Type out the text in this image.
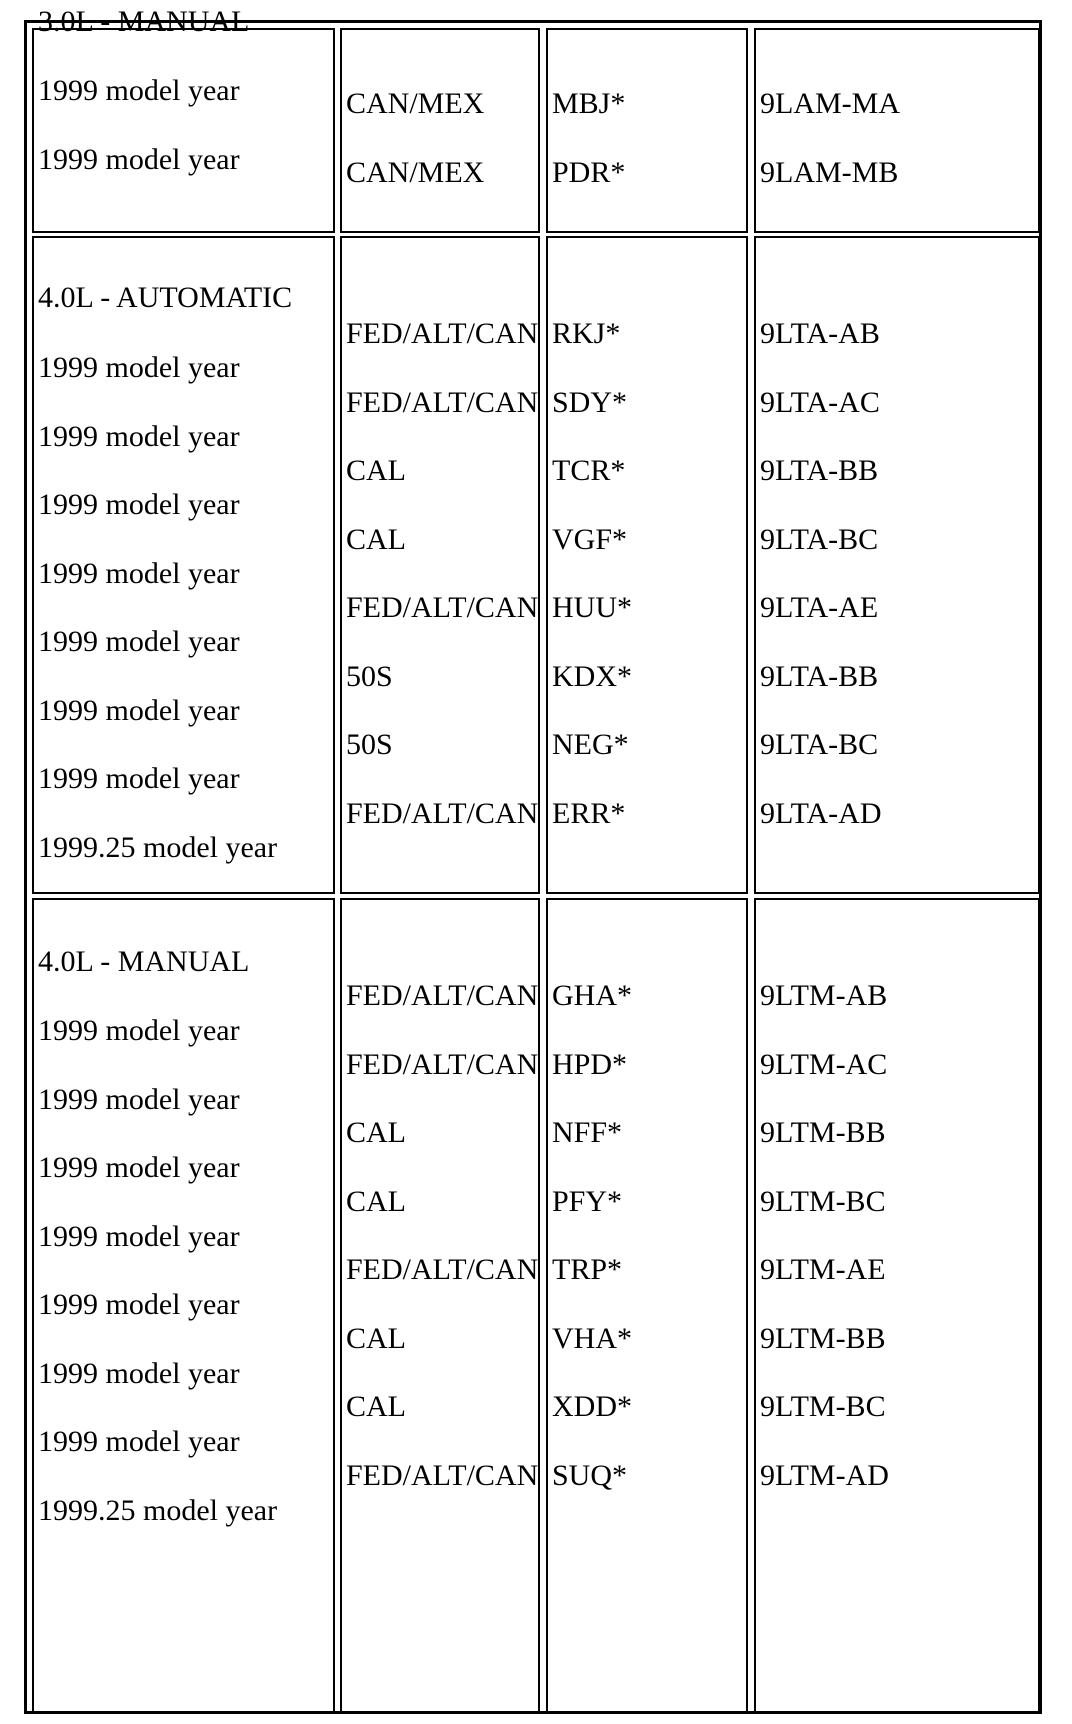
3.0L - MANUAL
1999 model year
1999 model year
CAN/MEX
CAN/MEX
MBJ*
PDR*
9LAM-MA
9LAM-MB
4.0L - AUTOMATIC
1999 model year
1999 model year
1999 model year
1999 model year
1999 model year
1999 model year
1999 model year
1999.25 model year
FED/ALT/CAN
FED/ALT/CAN
CAL
CAL
FED/ALT/CAN
50S
50S
FED/ALT/CAN
RKJ*
SDY*
TCR*
VGF*
HUU*
KDX*
NEG*
ERR*
9LTA-AB
9LTA-AC
9LTA-BB
9LTA-BC
9LTA-AE
9LTA-BB
9LTA-BC
9LTA-AD
4.0L - MANUAL
1999 model year
1999 model year
1999 model year
1999 model year
1999 model year
1999 model year
1999 model year
1999.25 model year
FED/ALT/CAN
FED/ALT/CAN
CAL
CAL
FED/ALT/CAN
CAL
CAL
FED/ALT/CAN
GHA*
HPD*
NFF*
PFY*
TRP*
VHA*
XDD*
SUQ*
9LTM-AB
9LTM-AC
9LTM-BB
9LTM-BC
9LTM-AE
9LTM-BB
9LTM-BC
9LTM-AD
